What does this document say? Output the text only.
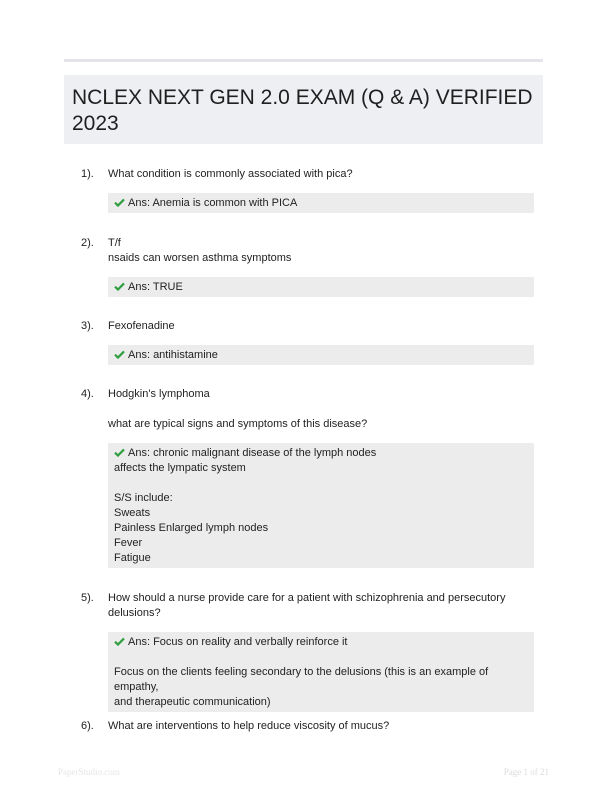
NCLEX NEXT GEN 2.0 EXAM (Q & A) VERIFIED 2023
1). What condition is commonly associated with pica?
Ans: Anemia is common with PICA
2). T/f
nsaids can worsen asthma symptoms
Ans: TRUE
3). Fexofenadine
Ans: antihistamine
4). Hodgkin's lymphoma

what are typical signs and symptoms of this disease?
Ans: chronic malignant disease of the lymph nodes
affects the lympatic system

S/S include:
Sweats
Painless Enlarged lymph nodes
Fever
Fatigue
5). How should a nurse provide care for a patient with schizophrenia and persecutory
delusions?
Ans: Focus on reality and verbally reinforce it

Focus on the clients feeling secondary to the delusions (this is an example of empathy,
and therapeutic communication)
6). What are interventions to help reduce viscosity of mucus?
PaperStudio.com	Page 1 of 21
